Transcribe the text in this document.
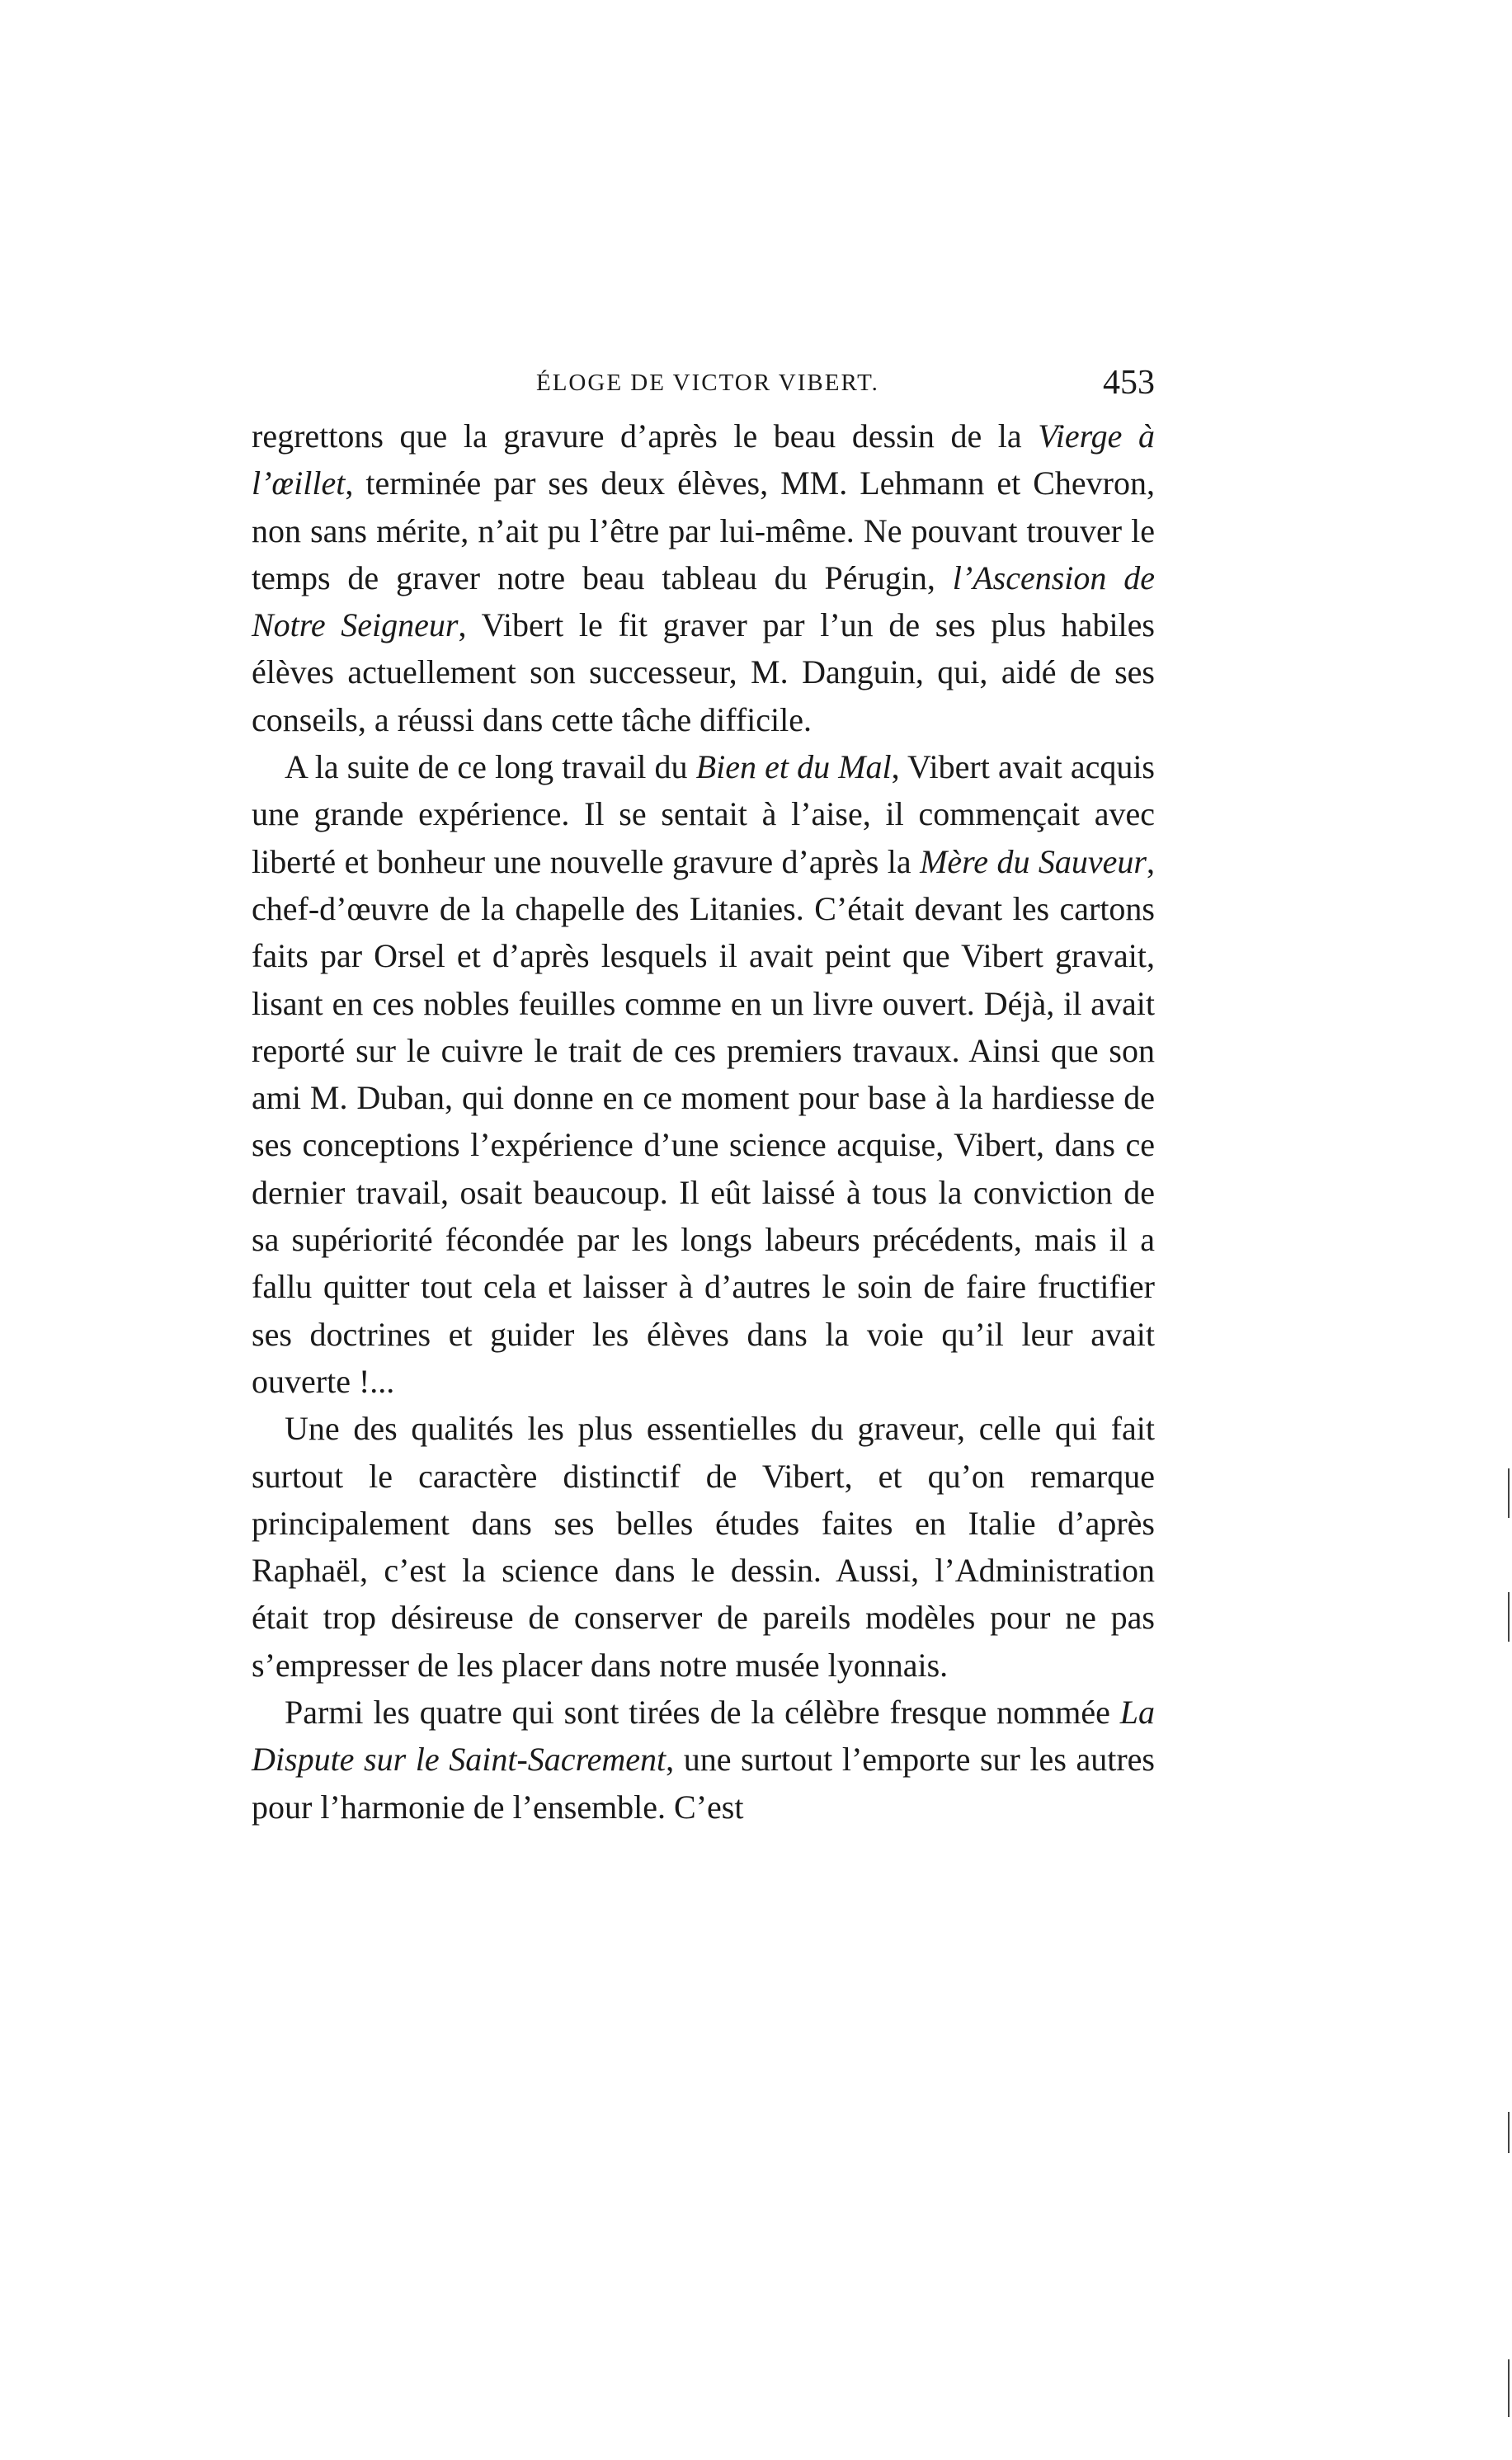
ÉLOGE DE VICTOR VIBERT.	453

regrettons que la gravure d’après le beau dessin de la Vierge à l’œillet, terminée par ses deux élèves, MM. Lehmann et Chevron, non sans mérite, n’ait pu l’être par lui-même. Ne pouvant trouver le temps de graver notre beau tableau du Pérugin, l’Ascension de Notre Seigneur, Vibert le fit graver par l’un de ses plus habiles élèves actuellement son successeur, M. Danguin, qui, aidé de ses conseils, a réussi dans cette tâche difficile.

A la suite de ce long travail du Bien et du Mal, Vibert avait acquis une grande expérience. Il se sentait à l’aise, il commençait avec liberté et bonheur une nouvelle gravure d’après la Mère du Sauveur, chef-d’œuvre de la chapelle des Litanies. C’était devant les cartons faits par Orsel et d’après lesquels il avait peint que Vibert gravait, lisant en ces nobles feuilles comme en un livre ouvert. Déjà, il avait reporté sur le cuivre le trait de ces premiers travaux. Ainsi que son ami M. Duban, qui donne en ce moment pour base à la hardiesse de ses conceptions l’expérience d’une science acquise, Vibert, dans ce dernier travail, osait beaucoup. Il eût laissé à tous la conviction de sa supériorité fécondée par les longs labeurs précédents, mais il a fallu quitter tout cela et laisser à d’autres le soin de faire fructifier ses doctrines et guider les élèves dans la voie qu’il leur avait ouverte !...

Une des qualités les plus essentielles du graveur, celle qui fait surtout le caractère distinctif de Vibert, et qu’on remarque principalement dans ses belles études faites en Italie d’après Raphaël, c’est la science dans le dessin. Aussi, l’Administration était trop désireuse de conserver de pareils modèles pour ne pas s’empresser de les placer dans notre musée lyonnais.

Parmi les quatre qui sont tirées de la célèbre fresque nommée La Dispute sur le Saint-Sacrement, une surtout l’emporte sur les autres pour l’harmonie de l’ensemble. C’est
